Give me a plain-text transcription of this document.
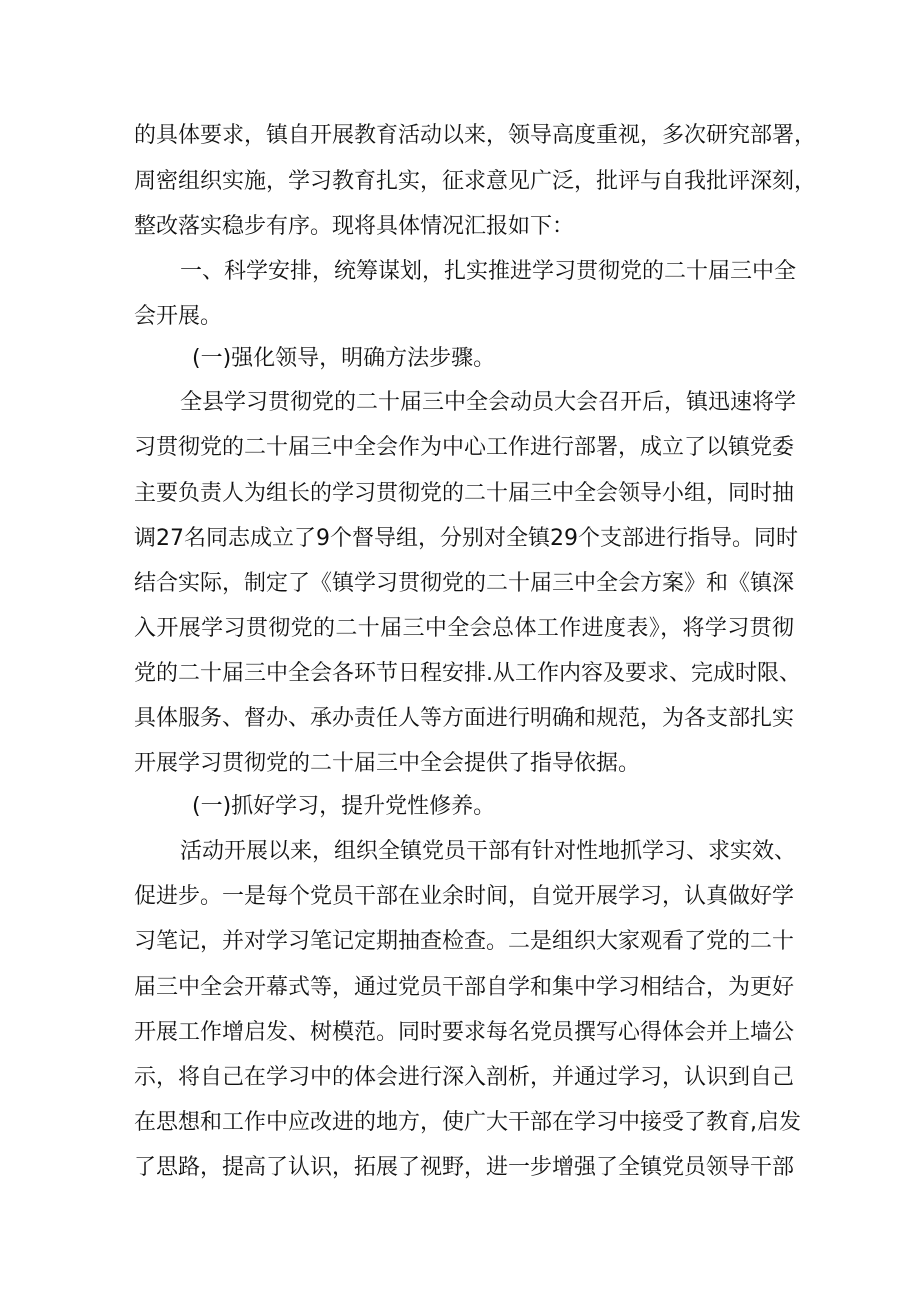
的具体要求，镇自开展教育活动以来，领导高度重视，多次研究部署，
周密组织实施，学习教育扎实，征求意见广泛，批评与自我批评深刻，
整改落实稳步有序。现将具体情况汇报如下：
一、科学安排，统筹谋划，扎实推进学习贯彻党的二十届三中全
会开展。
(一)强化领导，明确方法步骤。
全县学习贯彻党的二十届三中全会动员大会召开后，镇迅速将学
习贯彻党的二十届三中全会作为中心工作进行部署，成立了以镇党委
主要负责人为组长的学习贯彻党的二十届三中全会领导小组，同时抽
调27名同志成立了9个督导组，分别对全镇29个支部进行指导。同时
结合实际，制定了《镇学习贯彻党的二十届三中全会方案》和《镇深
入开展学习贯彻党的二十届三中全会总体工作进度表》，将学习贯彻
党的二十届三中全会各环节日程安排.从工作内容及要求、完成时限、
具体服务、督办、承办责任人等方面进行明确和规范，为各支部扎实
开展学习贯彻党的二十届三中全会提供了指导依据。
(一)抓好学习，提升党性修养。
活动开展以来，组织全镇党员干部有针对性地抓学习、求实效、
促进步。一是每个党员干部在业余时间，自觉开展学习，认真做好学
习笔记，并对学习笔记定期抽查检查。二是组织大家观看了党的二十
届三中全会开幕式等，通过党员干部自学和集中学习相结合，为更好
开展工作增启发、树模范。同时要求每名党员撰写心得体会并上墙公
示，将自己在学习中的体会进行深入剖析，并通过学习，认识到自己
在思想和工作中应改进的地方，使广大干部在学习中接受了教育,启发
了思路，提高了认识，拓展了视野，进一步增强了全镇党员领导干部
